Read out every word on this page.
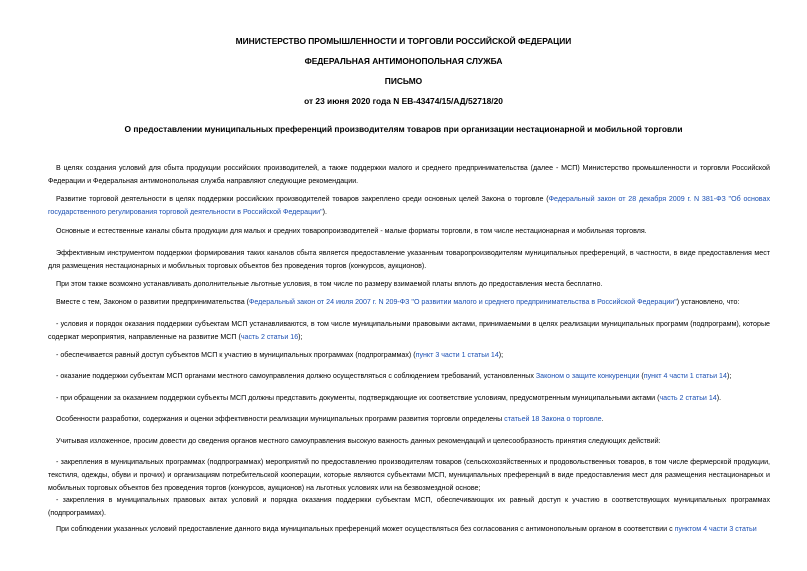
МИНИСТЕРСТВО ПРОМЫШЛЕННОСТИ И ТОРГОВЛИ РОССИЙСКОЙ ФЕДЕРАЦИИ
ФЕДЕРАЛЬНАЯ АНТИМОНОПОЛЬНАЯ СЛУЖБА
ПИСЬМО
от 23 июня 2020 года N ЕВ-43474/15/АД/52718/20
О предоставлении муниципальных преференций производителям товаров при организации нестационарной и мобильной торговли
В целях создания условий для сбыта продукции российских производителей, а также поддержки малого и среднего предпринимательства (далее - МСП) Министерство промышленности и торговли Российской Федерации и Федеральная антимонопольная служба направляют следующие рекомендации.
Развитие торговой деятельности в целях поддержки российских производителей товаров закреплено среди основных целей Закона о торговле (Федеральный закон от 28 декабря 2009 г. N 381-ФЗ "Об основах государственного регулирования торговой деятельности в Российской Федерации").
Основные и естественные каналы сбыта продукции для малых и средних товаропроизводителей - малые форматы торговли, в том числе нестационарная и мобильная торговля.
Эффективным инструментом поддержки формирования таких каналов сбыта является предоставление указанным товаропроизводителям муниципальных преференций, в частности, в виде предоставления мест для размещения нестационарных и мобильных торговых объектов без проведения торгов (конкурсов, аукционов).
При этом также возможно устанавливать дополнительные льготные условия, в том числе по размеру взимаемой платы вплоть до предоставления места бесплатно.
Вместе с тем, Законом о развитии предпринимательства (Федеральный закон от 24 июля 2007 г. N 209-ФЗ "О развитии малого и среднего предпринимательства в Российской Федерации") установлено, что:
- условия и порядок оказания поддержки субъектам МСП устанавливаются, в том числе муниципальными правовыми актами, принимаемыми в целях реализации муниципальных программ (подпрограмм), которые содержат мероприятия, направленные на развитие МСП (часть 2 статьи 16);
- обеспечивается равный доступ субъектов МСП к участию в муниципальных программах (подпрограммах) (пункт 3 части 1 статьи 14);
- оказание поддержки субъектам МСП органами местного самоуправления должно осуществляться с соблюдением требований, установленных Законом о защите конкуренции (пункт 4 части 1 статьи 14);
- при обращении за оказанием поддержки субъекты МСП должны представить документы, подтверждающие их соответствие условиям, предусмотренным муниципальными актами (часть 2 статьи 14).
Особенности разработки, содержания и оценки эффективности реализации муниципальных программ развития торговли определены статьей 18 Закона о торговле.
Учитывая изложенное, просим довести до сведения органов местного самоуправления высокую важность данных рекомендаций и целесообразность принятия следующих действий:
- закрепления в муниципальных программах (подпрограммах) мероприятий по предоставлению производителям товаров (сельскохозяйственных и продовольственных товаров, в том числе фермерской продукции, текстиля, одежды, обуви и прочих) и организациям потребительской кооперации, которые являются субъектами МСП, муниципальных преференций в виде предоставления мест для размещения нестационарных и мобильных торговых объектов без проведения торгов (конкурсов, аукционов) на льготных условиях или на безвозмездной основе;
- закрепления в муниципальных правовых актах условий и порядка оказания поддержки субъектам МСП, обеспечивающих их равный доступ к участию в соответствующих муниципальных программах (подпрограммах).
При соблюдении указанных условий предоставление данного вида муниципальных преференций может осуществляться без согласования с антимонопольным органом в соответствии с пунктом 4 части 3 статьи
